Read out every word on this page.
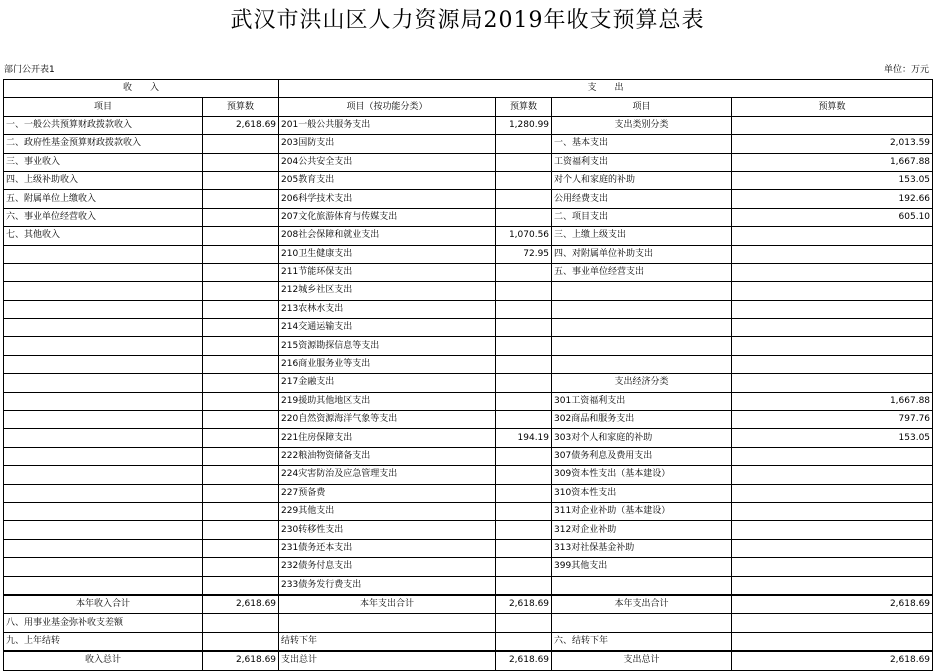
武汉市洪山区人力资源局2019年收支预算总表
部门公开表1	单位：万元
收　　入		支　　出			
项目	预算数	项目（按功能分类）	预算数	项目	预算数
一、一般公共预算财政拨款收入	2,618.69	201一般公共服务支出	1,280.99	支出类别分类	
二、政府性基金预算财政拨款收入		203国防支出		一、基本支出	2,013.59
三、事业收入		204公共安全支出		工资福利支出	1,667.88
四、上级补助收入		205教育支出		对个人和家庭的补助	153.05
五、附属单位上缴收入		206科学技术支出		公用经费支出	192.66
六、事业单位经营收入		207文化旅游体育与传媒支出		二、项目支出	605.10
七、其他收入		208社会保障和就业支出	1,070.56	三、上缴上级支出	
		210卫生健康支出	72.95	四、对附属单位补助支出	
		211节能环保支出		五、事业单位经营支出	
		212城乡社区支出			
		213农林水支出			
		214交通运输支出			
		215资源勘探信息等支出			
		216商业服务业等支出			
		217金融支出		支出经济分类	
		219援助其他地区支出		301工资福利支出	1,667.88
		220自然资源海洋气象等支出		302商品和服务支出	797.76
		221住房保障支出	194.19	303对个人和家庭的补助	153.05
		222粮油物资储备支出		307债务利息及费用支出	
		224灾害防治及应急管理支出		309资本性支出（基本建设）	
		227预备费		310资本性支出	
		229其他支出		311对企业补助（基本建设）	
		230转移性支出		312对企业补助	
		231债务还本支出		313对社保基金补助	
		232债务付息支出		399其他支出	
		233债务发行费支出			
本年收入合计	2,618.69	本年支出合计	2,618.69	本年支出合计	2,618.69
八、用事业基金弥补收支差额					
九、上年结转		结转下年		六、结转下年	
收入总计	2,618.69	支出总计	2,618.69	支出总计	2,618.69
